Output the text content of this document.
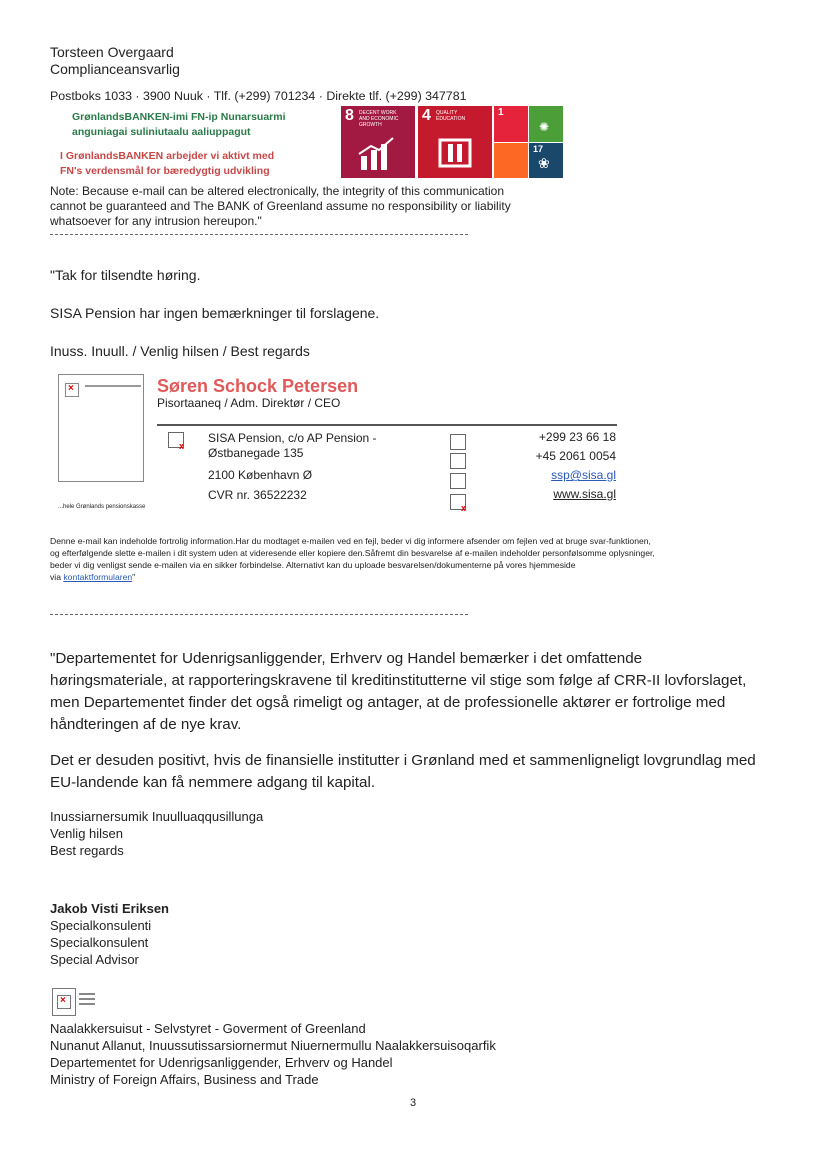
Torsteen Overgaard
Complianceansvarlig
Postboks 1033 · 3900 Nuuk · Tlf. (+299) 701234 · Direkte tlf. (+299) 347781
GrønlandsBANKEN-imi FN-ip Nunarsuarmi
anguniagai suliniutaalu aaliuppagut
I GrønlandsBANKEN arbejder vi aktivt med
FN's verdensmål for bæredygtig udvikling
8 DECENT WORK AND ECONOMIC GROWTH
4 QUALITY EDUCATION
1
✺
17
❀
Note: Because e-mail can be altered electronically, the integrity of this communication
cannot be guaranteed and The BANK of Greenland assume no responsibility or liability
whatsoever for any intrusion hereupon."
"Tak for tilsendte høring.
SISA Pension har ingen bemærkninger til forslagene.
Inuss. Inuull. / Venlig hilsen / Best regards
×
...hele Grønlands pensionskasse
Søren Schock Petersen
Pisortaaneq / Adm. Direktør / CEO
x
SISA Pension, c/o AP Pension -
Østbanegade 135
2100 København Ø
CVR nr. 36522232
x
+299 23 66 18
+45 2061 0054
ssp@sisa.gl
www.sisa.gl
Denne e-mail kan indeholde fortrolig information.Har du modtaget e-mailen ved en fejl, beder vi dig informere afsender om fejlen ved at bruge svar-funktionen,
og efterfølgende slette e-mailen i dit system uden at videresende eller kopiere den.Såfremt din besvarelse af e-mailen indeholder personfølsomme oplysninger,
beder vi dig venligst sende e-mailen via en sikker forbindelse. Alternativt kan du uploade besvarelsen/dokumenterne på vores hjemmeside
via kontaktformularen"
"Departementet for Udenrigsanliggender, Erhverv og Handel bemærker i det omfattende
høringsmateriale, at rapporteringskravene til kreditinstitutterne vil stige som følge af CRR-II lovforslaget,
men Departementet finder det også rimeligt og antager, at de professionelle aktører er fortrolige med
håndteringen af de nye krav.
Det er desuden positivt, hvis de finansielle institutter i Grønland med et sammenligneligt lovgrundlag med
EU-landende kan få nemmere adgang til kapital.
Inussiarnersumik Inuulluaqqusillunga
Venlig hilsen
Best regards
Jakob Visti Eriksen
Specialkonsulenti
Specialkonsulent
Special Advisor
×
Naalakkersuisut - Selvstyret - Goverment of Greenland
Nunanut Allanut, Inuussutissarsiornermut Niuernermullu Naalakkersuisoqarfik
Departementet for Udenrigsanliggender, Erhverv og Handel
Ministry of Foreign Affairs, Business and Trade
3
